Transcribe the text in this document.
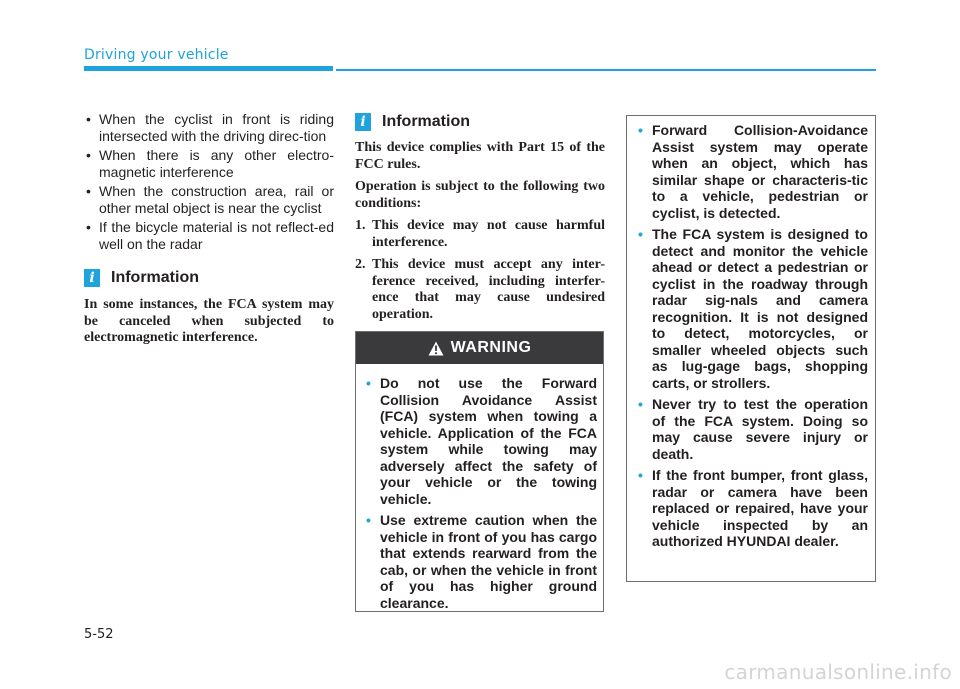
Driving your vehicle
• When the cyclist in front is riding intersected with the driving direc-tion
• When there is any other electro-magnetic interference
• When the construction area, rail or other metal object is near the cyclist
• If the bicycle material is not reflect-ed well on the radar
i	Information

In some instances, the FCA system may be canceled when subjected to electromagnetic interference.

i	Information

This device complies with Part 15 of the FCC rules.

Operation is subject to the following two conditions:

1. This device may not cause harmful interference.
2. This device must accept any inter-ference received, including interfer-ence that may cause undesired operation.
WARNING
• Do not use the Forward Collision Avoidance Assist (FCA) system when towing a vehicle. Application of the FCA system while towing may adversely affect the safety of your vehicle or the towing vehicle.
• Use extreme caution when the vehicle in front of you has cargo that extends rearward from the cab, or when the vehicle in front of you has higher ground clearance.
• Forward Collision-Avoidance Assist system may operate when an object, which has similar shape or characteris-tic to a vehicle, pedestrian or cyclist, is detected.
• The FCA system is designed to detect and monitor the vehicle ahead or detect a pedestrian or cyclist in the roadway through radar sig-nals and camera recognition. It is not designed to detect, motorcycles, or smaller wheeled objects such as lug-gage bags, shopping carts, or strollers.
• Never try to test the operation of the FCA system. Doing so may cause severe injury or death.
• If the front bumper, front glass, radar or camera have been replaced or repaired, have your vehicle inspected by an authorized HYUNDAI dealer.

5-52

carmanualsonline.info
